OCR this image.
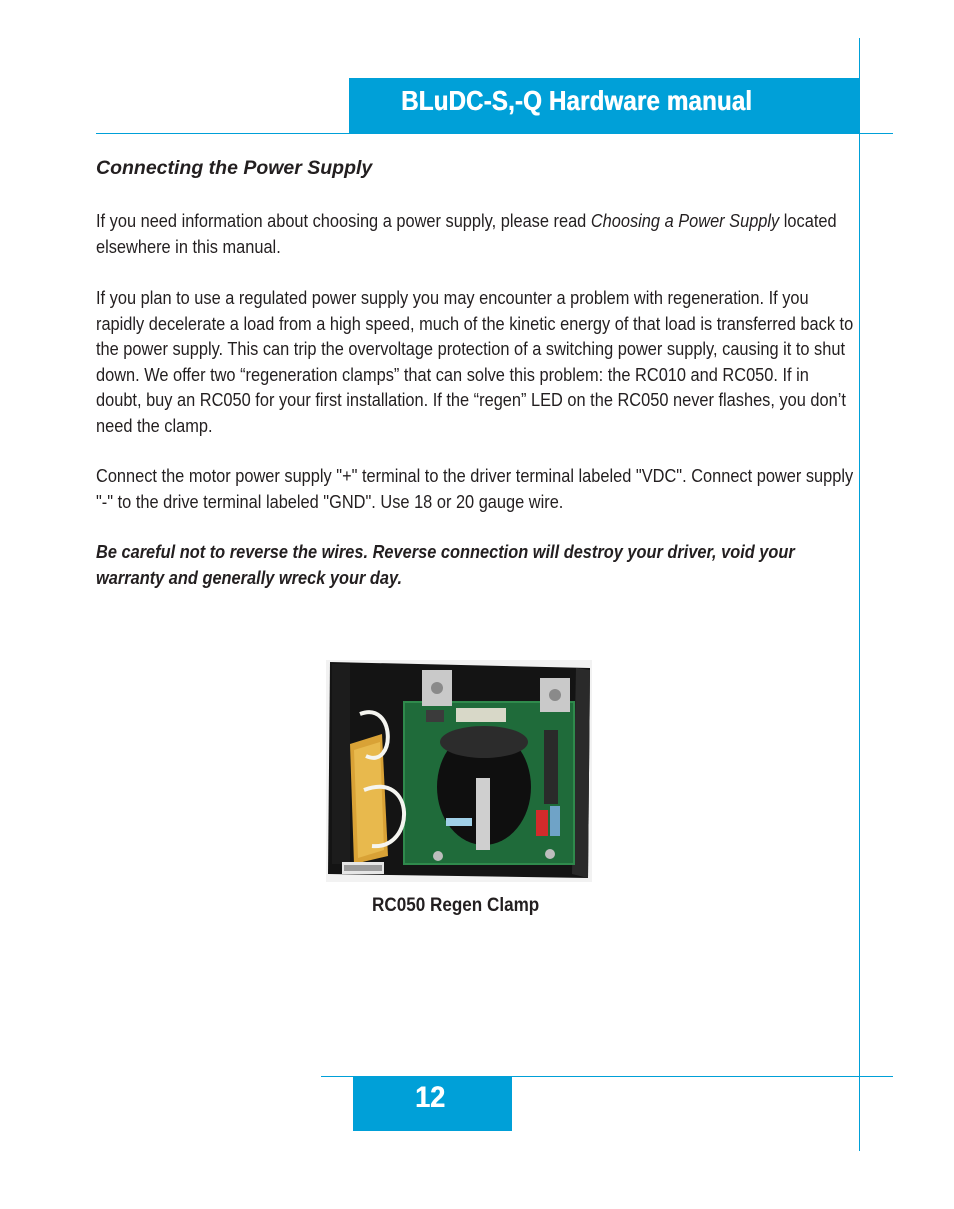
BLuDC-S,-Q Hardware manual
Connecting the Power Supply

If you need information about choosing a power supply, please read Choosing a Power Supply located elsewhere in this manual.

If you plan to use a regulated power supply you may encounter a problem with regeneration. If you rapidly decelerate a load from a high speed, much of the kinetic energy of that load is transferred back to the power supply. This can trip the overvoltage protection of a switching power supply, causing it to shut down. We offer two “regeneration clamps” that can solve this problem: the RC010 and RC050. If in doubt, buy an RC050 for your first installation. If the “regen” LED on the RC050 never flashes, you don’t need the clamp.

Connect the motor power supply "+" terminal to the driver terminal labeled "VDC". Connect power supply "-" to the drive terminal labeled "GND". Use 18 or 20 gauge wire.

Be careful not to reverse the wires. Reverse connection will destroy your driver, void your warranty and generally wreck your day.

RC050 Regen Clamp

12
